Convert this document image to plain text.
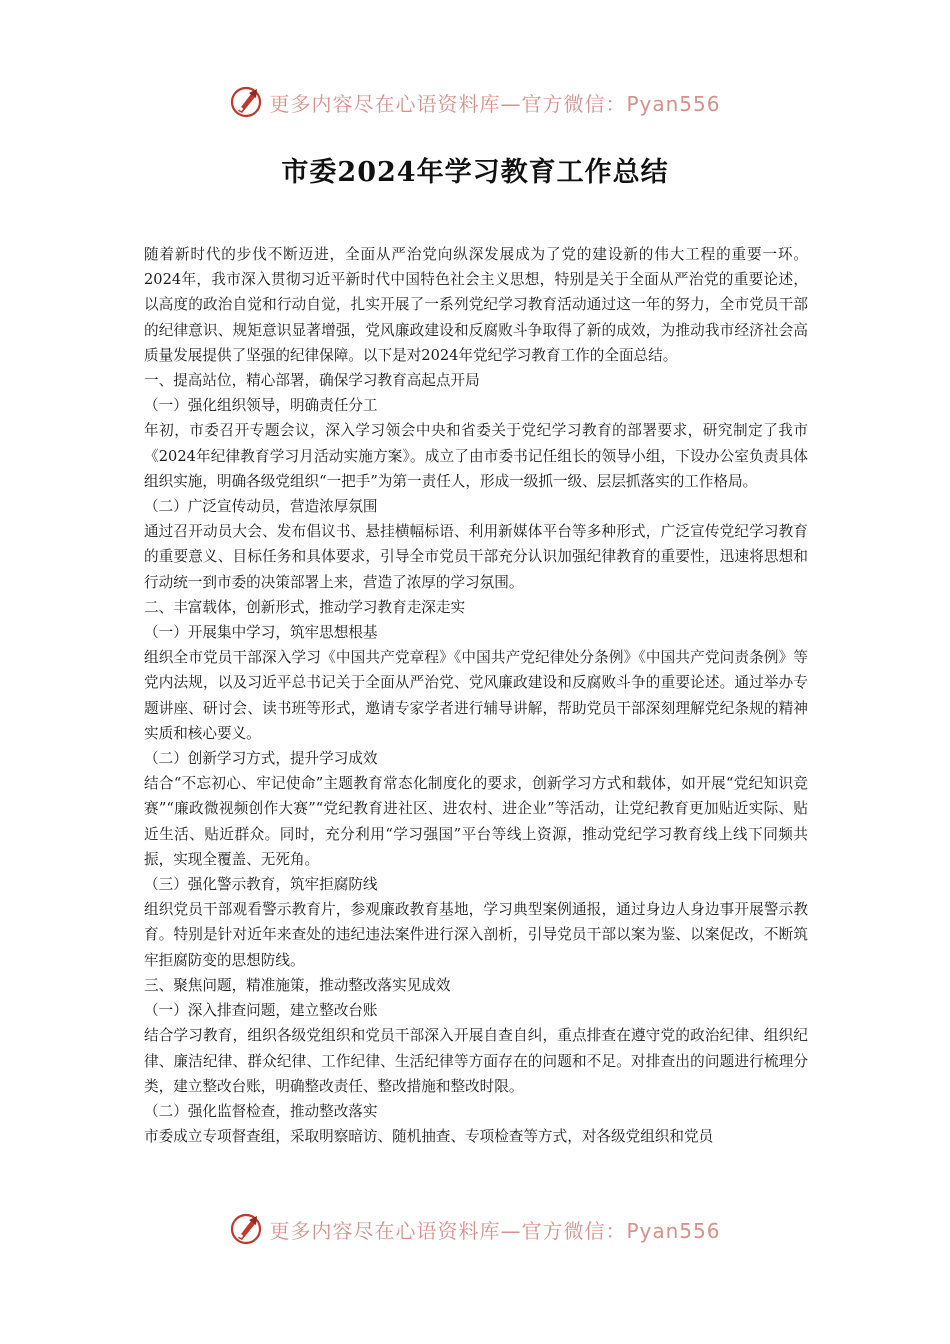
更多内容尽在心语资料库—官方微信：Pyan556
市委2024年学习教育工作总结

随着新时代的步伐不断迈进，全面从严治党向纵深发展成为了党的建设新的伟大工程的重要一环。2024年，我市深入贯彻习近平新时代中国特色社会主义思想，特别是关于全面从严治党的重要论述，以高度的政治自觉和行动自觉，扎实开展了一系列党纪学习教育活动通过这一年的努力，全市党员干部的纪律意识、规矩意识显著增强，党风廉政建设和反腐败斗争取得了新的成效，为推动我市经济社会高质量发展提供了坚强的纪律保障。以下是对2024年党纪学习教育工作的全面总结。

一、提高站位，精心部署，确保学习教育高起点开局

（一）强化组织领导，明确责任分工

年初，市委召开专题会议，深入学习领会中央和省委关于党纪学习教育的部署要求，研究制定了我市《2024年纪律教育学习月活动实施方案》。成立了由市委书记任组长的领导小组，下设办公室负责具体组织实施，明确各级党组织“一把手”为第一责任人，形成一级抓一级、层层抓落实的工作格局。

（二）广泛宣传动员，营造浓厚氛围

通过召开动员大会、发布倡议书、悬挂横幅标语、利用新媒体平台等多种形式，广泛宣传党纪学习教育的重要意义、目标任务和具体要求，引导全市党员干部充分认识加强纪律教育的重要性，迅速将思想和行动统一到市委的决策部署上来，营造了浓厚的学习氛围。

二、丰富载体，创新形式，推动学习教育走深走实

（一）开展集中学习，筑牢思想根基

组织全市党员干部深入学习《中国共产党章程》《中国共产党纪律处分条例》《中国共产党问责条例》等党内法规，以及习近平总书记关于全面从严治党、党风廉政建设和反腐败斗争的重要论述。通过举办专题讲座、研讨会、读书班等形式，邀请专家学者进行辅导讲解，帮助党员干部深刻理解党纪条规的精神实质和核心要义。

（二）创新学习方式，提升学习成效

结合“不忘初心、牢记使命”主题教育常态化制度化的要求，创新学习方式和载体，如开展“党纪知识竞赛”“廉政微视频创作大赛”“党纪教育进社区、进农村、进企业”等活动，让党纪教育更加贴近实际、贴近生活、贴近群众。同时，充分利用“学习强国”平台等线上资源，推动党纪学习教育线上线下同频共振，实现全覆盖、无死角。

（三）强化警示教育，筑牢拒腐防线

组织党员干部观看警示教育片，参观廉政教育基地，学习典型案例通报，通过身边人身边事开展警示教育。特别是针对近年来查处的违纪违法案件进行深入剖析，引导党员干部以案为鉴、以案促改，不断筑牢拒腐防变的思想防线。

三、聚焦问题，精准施策，推动整改落实见成效

（一）深入排查问题，建立整改台账

结合学习教育，组织各级党组织和党员干部深入开展自查自纠，重点排查在遵守党的政治纪律、组织纪律、廉洁纪律、群众纪律、工作纪律、生活纪律等方面存在的问题和不足。对排查出的问题进行梳理分类，建立整改台账，明确整改责任、整改措施和整改时限。

（二）强化监督检查，推动整改落实

市委成立专项督查组，采取明察暗访、随机抽查、专项检查等方式，对各级党组织和党员

更多内容尽在心语资料库—官方微信：Pyan556
